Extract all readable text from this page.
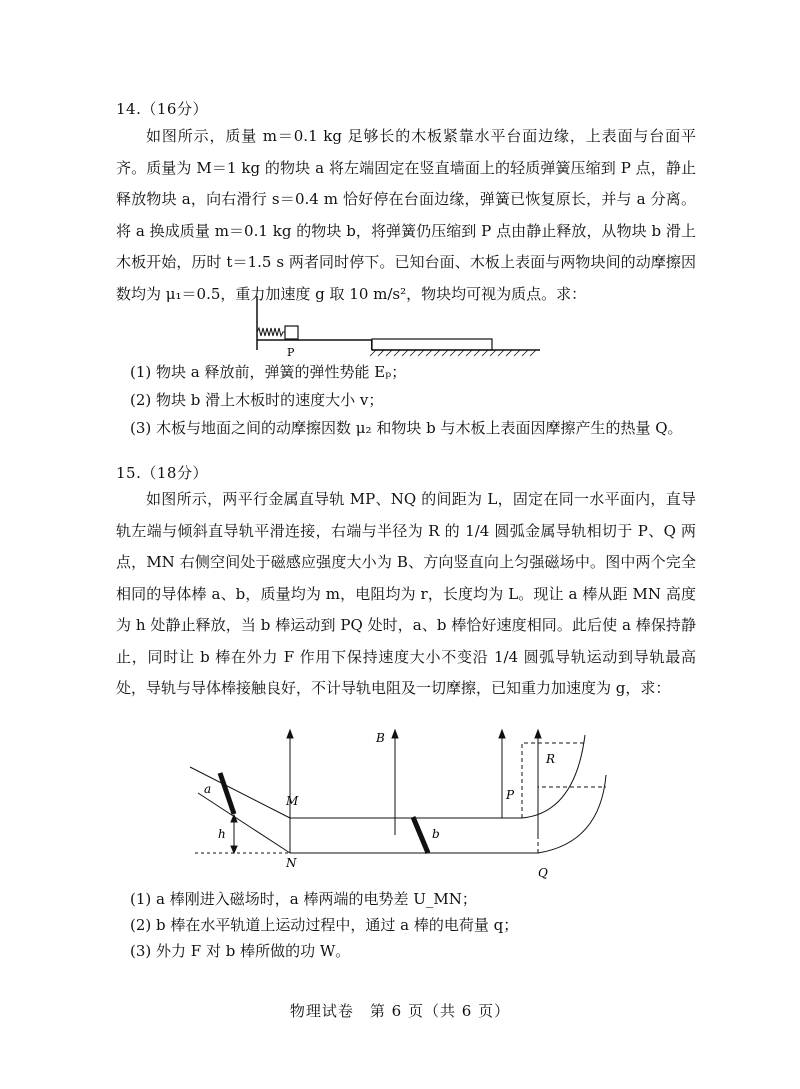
14.（16分）
如图所示，质量 m＝0.1 kg 足够长的木板紧靠水平台面边缘，上表面与台面平齐。质量为 M＝1 kg 的物块 a 将左端固定在竖直墙面上的轻质弹簧压缩到 P 点，静止释放物块 a，向右滑行 s＝0.4 m 恰好停在台面边缘，弹簧已恢复原长，并与 a 分离。将 a 换成质量 m＝0.1 kg 的物块 b，将弹簧仍压缩到 P 点由静止释放，从物块 b 滑上木板开始，历时 t＝1.5 s 两者同时停下。已知台面、木板上表面与两物块间的动摩擦因数均为 μ₁＝0.5，重力加速度 g 取 10 m/s²，物块均可视为质点。求：
P
(1) 物块 a 释放前，弹簧的弹性势能 Eₚ；
(2) 物块 b 滑上木板时的速度大小 v；
(3) 木板与地面之间的动摩擦因数 μ₂ 和物块 b 与木板上表面因摩擦产生的热量 Q。
15.（18分）
如图所示，两平行金属直导轨 MP、NQ 的间距为 L，固定在同一水平面内，直导轨左端与倾斜直导轨平滑连接，右端与半径为 R 的 1/4 圆弧金属导轨相切于 P、Q 两点，MN 右侧空间处于磁感应强度大小为 B、方向竖直向上匀强磁场中。图中两个完全相同的导体棒 a、b，质量均为 m，电阻均为 r，长度均为 L。现让 a 棒从距 MN 高度为 h 处静止释放，当 b 棒运动到 PQ 处时，a、b 棒恰好速度相同。此后使 a 棒保持静止，同时让 b 棒在外力 F 作用下保持速度大小不变沿 1/4 圆弧导轨运动到导轨最高处，导轨与导体棒接触良好，不计导轨电阻及一切摩擦，已知重力加速度为 g，求：
B
a
h
M
N
b
P
Q
R
(1) a 棒刚进入磁场时，a 棒两端的电势差 U_MN；
(2) b 棒在水平轨道上运动过程中，通过 a 棒的电荷量 q；
(3) 外力 F 对 b 棒所做的功 W。
物理试卷　第 6 页（共 6 页）
